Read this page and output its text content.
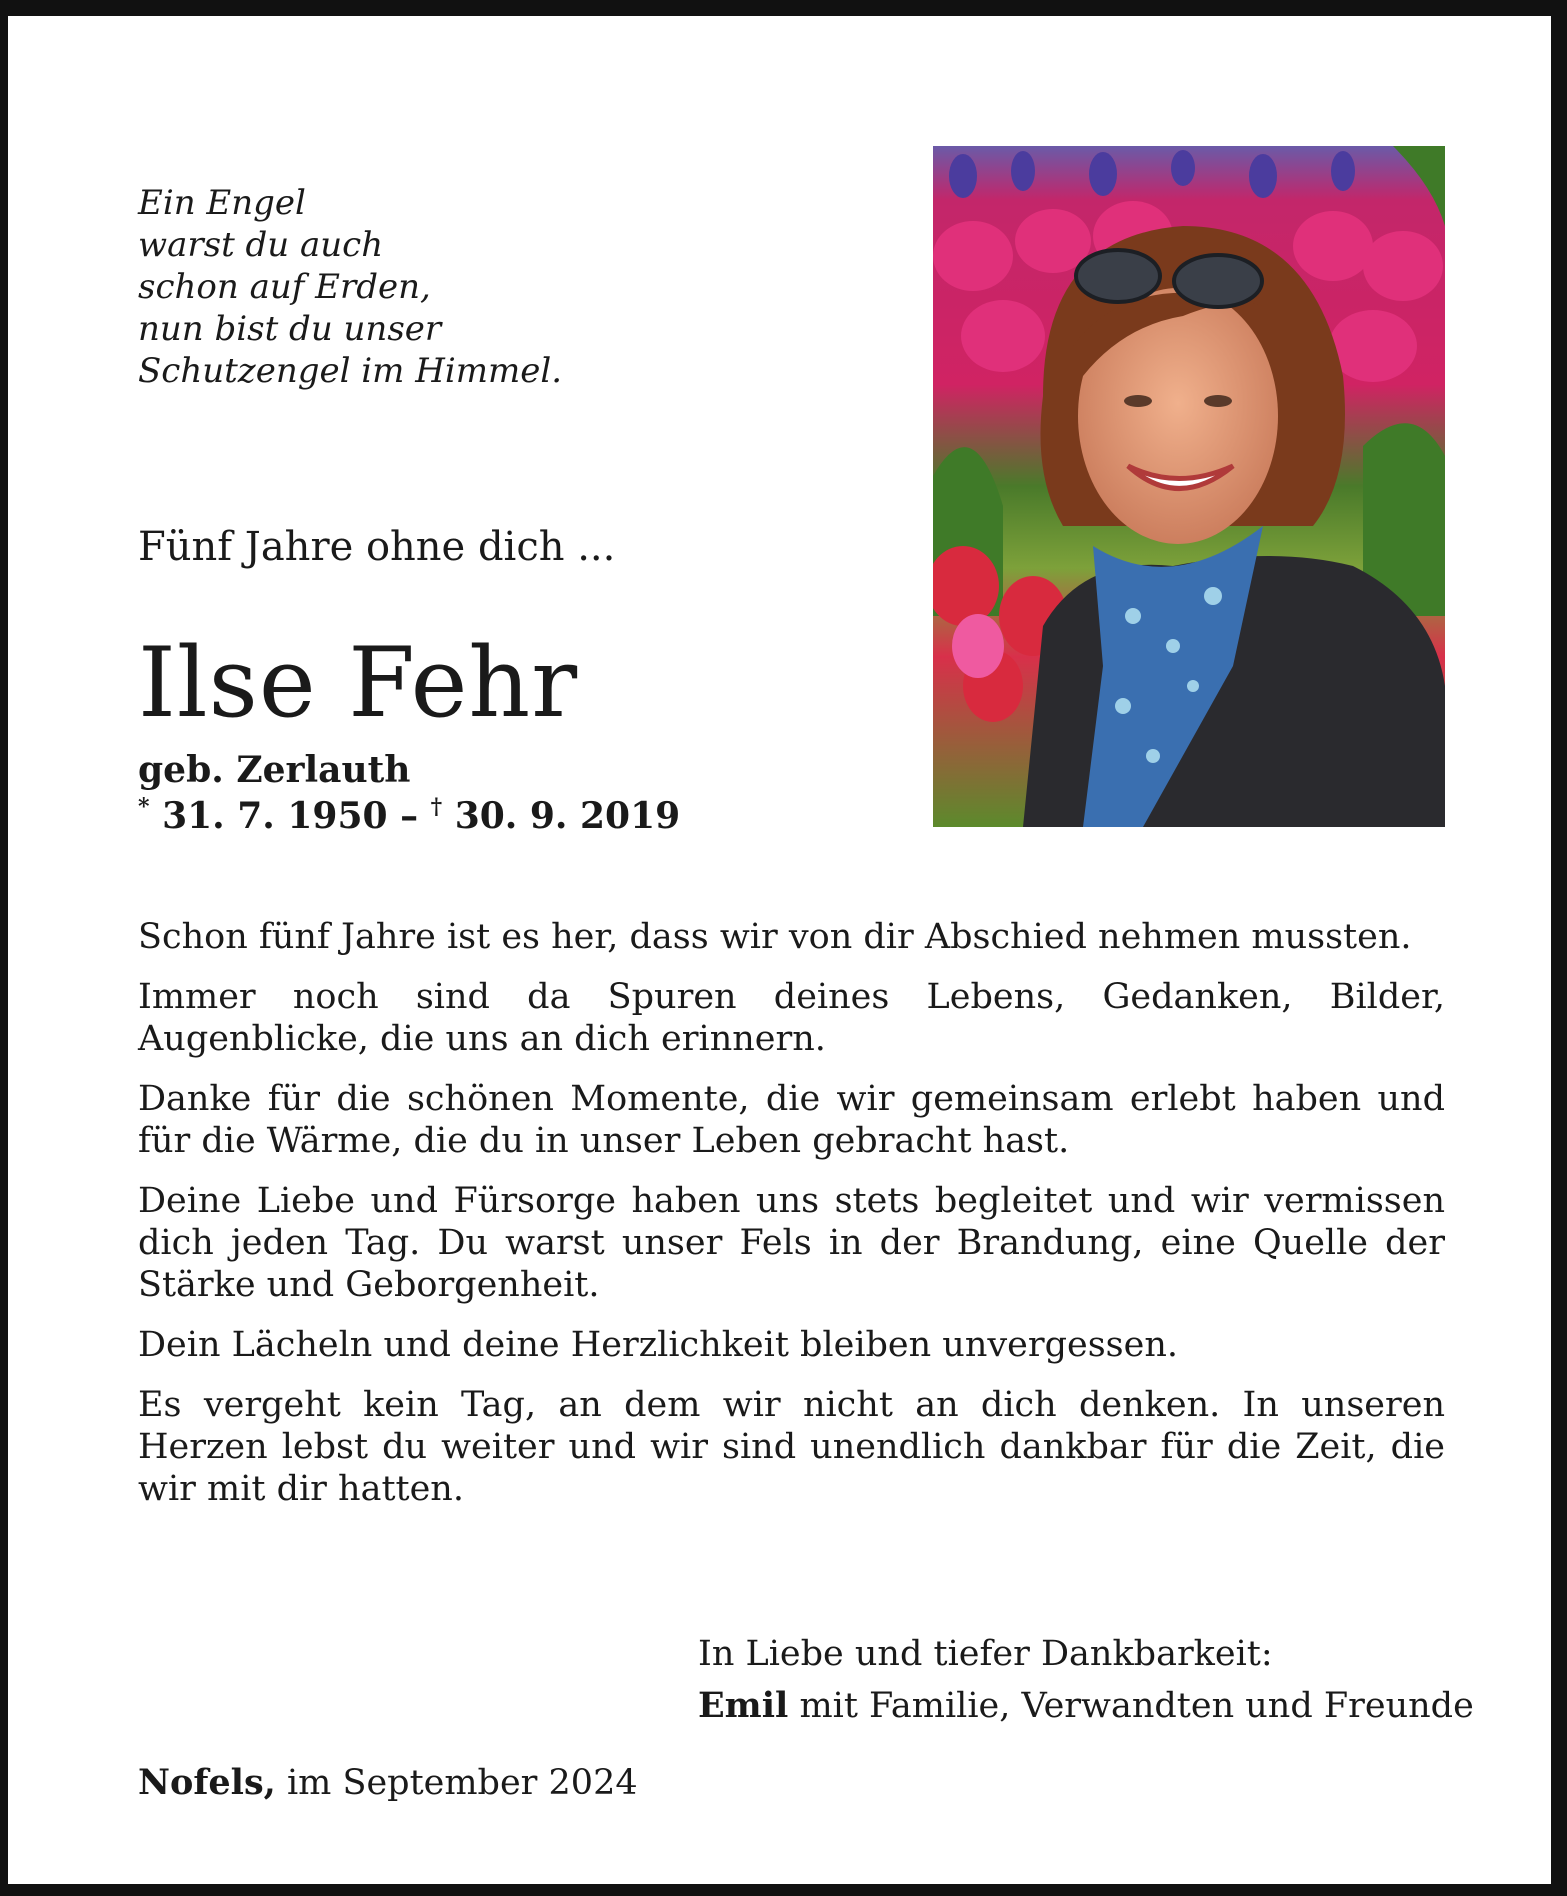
Ein Engel
warst du auch
schon auf Erden,
nun bist du unser
Schutzengel im Himmel.
Fünf Jahre ohne dich ...
Ilse Fehr
geb. Zerlauth
* 31. 7. 1950 – † 30. 9. 2019

Schon fünf Jahre ist es her, dass wir von dir Abschied nehmen mussten.

Immer noch sind da Spuren deines Lebens, Gedanken, Bilder, Augenblicke, die uns an dich erinnern.

Danke für die schönen Momente, die wir gemeinsam erlebt haben und für die Wärme, die du in unser Leben gebracht hast.

Deine Liebe und Fürsorge haben uns stets begleitet und wir vermissen dich jeden Tag. Du warst unser Fels in der Brandung, eine Quelle der Stärke und Geborgenheit.

Dein Lächeln und deine Herzlichkeit bleiben unvergessen.

Es vergeht kein Tag, an dem wir nicht an dich denken. In unseren Herzen lebst du weiter und wir sind unendlich dankbar für die Zeit, die wir mit dir hatten.

In Liebe und tiefer Dankbarkeit:
Emil mit Familie, Verwandten und Freunde
Nofels, im September 2024
